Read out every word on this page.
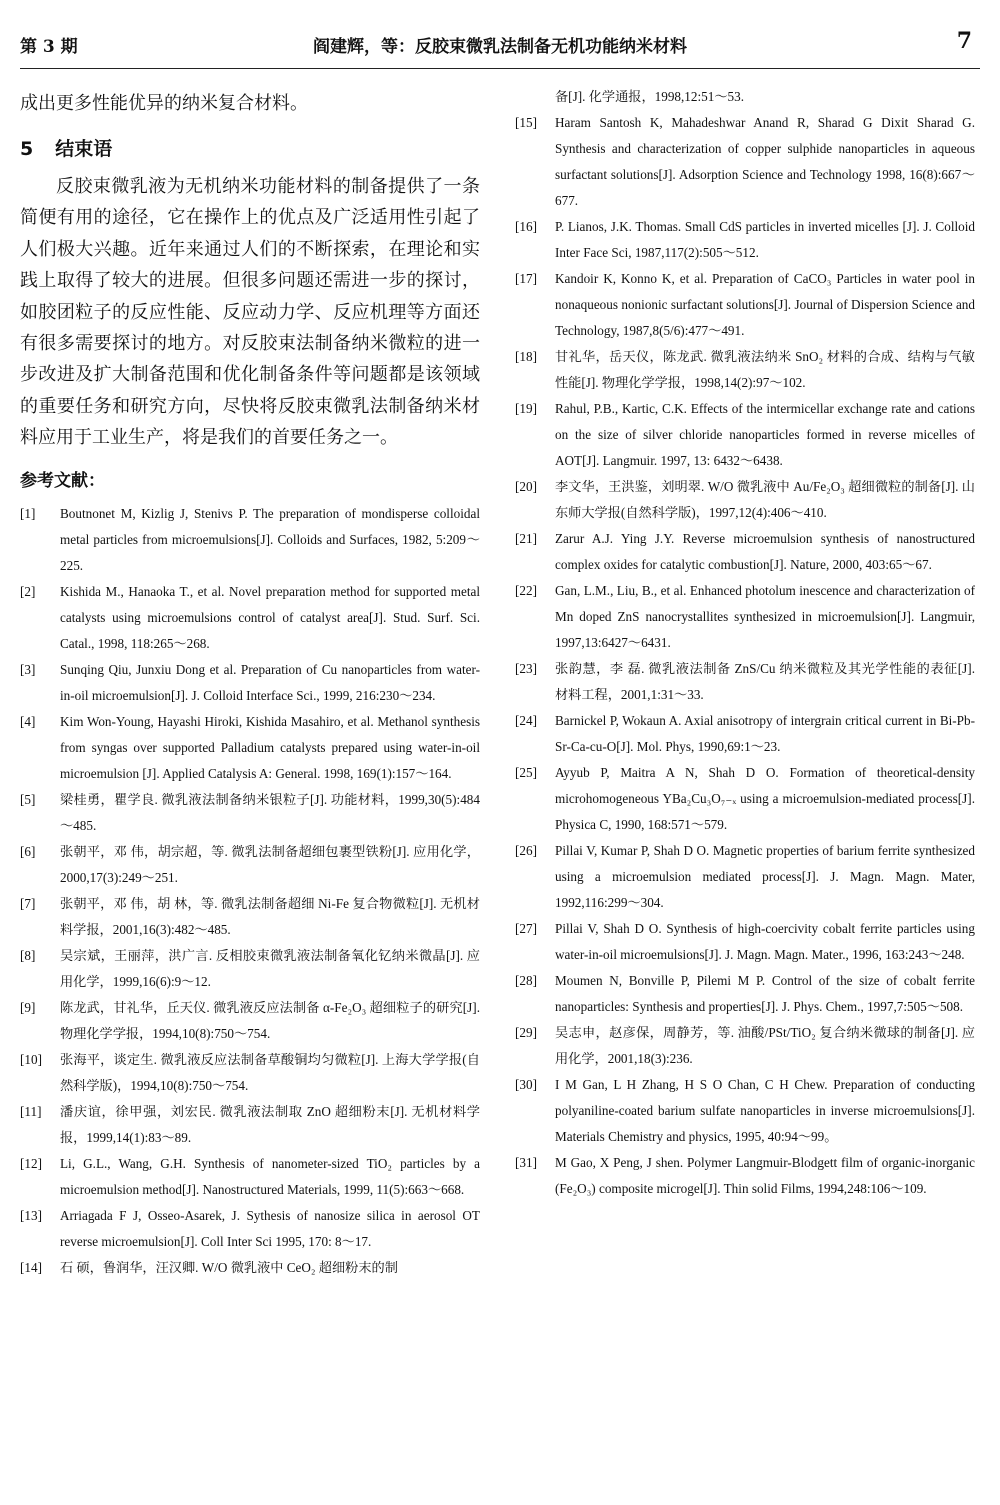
第 3 期	阎建辉，等：反胶束微乳法制备无机功能纳米材料	7
成出更多性能优异的纳米复合材料。
5 结束语

反胶束微乳液为无机纳米功能材料的制备提供了一条简便有用的途径，它在操作上的优点及广泛适用性引起了人们极大兴趣。近年来通过人们的不断探索，在理论和实践上取得了较大的进展。但很多问题还需进一步的探讨，如胶团粒子的反应性能、反应动力学、反应机理等方面还有很多需要探讨的地方。对反胶束法制备纳米微粒的进一步改进及扩大制备范围和优化制备条件等问题都是该领域的重要任务和研究方向，尽快将反胶束微乳法制备纳米材料应用于工业生产，将是我们的首要任务之一。

参考文献：
[1]	Boutnonet M, Kizlig J, Stenivs P. The preparation of mondisperse colloidal metal particles from microemulsions[J]. Colloids and Surfaces, 1982, 5:209～225.
[2]	Kishida M., Hanaoka T., et al. Novel preparation method for supported metal catalysts using microemulsions control of catalyst area[J]. Stud. Surf. Sci. Catal., 1998, 118:265～268.
[3]	Sunqing Qiu, Junxiu Dong et al. Preparation of Cu nanoparticles from water-in-oil microemulsion[J]. J. Colloid Interface Sci., 1999, 216:230～234.
[4]	Kim Won-Young, Hayashi Hiroki, Kishida Masahiro, et al. Methanol synthesis from syngas over supported Palladium catalysts prepared using water-in-oil microemulsion [J]. Applied Catalysis A: General. 1998, 169(1):157～164.
[5]	梁桂勇，瞿学良. 微乳液法制备纳米银粒子[J]. 功能材料，1999,30(5):484～485.
[6]	张朝平，邓 伟，胡宗超，等. 微乳法制备超细包裹型铁粉[J]. 应用化学，2000,17(3):249～251.
[7]	张朝平，邓 伟，胡 林，等. 微乳法制备超细 Ni-Fe 复合物微粒[J]. 无机材料学报，2001,16(3):482～485.
[8]	吴宗斌，王丽萍，洪广言. 反相胶束微乳液法制备氧化钇纳米微晶[J]. 应用化学，1999,16(6):9～12.
[9]	陈龙武，甘礼华，丘天仪. 微乳液反应法制备 α-Fe₂O₃ 超细粒子的研究[J]. 物理化学学报，1994,10(8):750～754.
[10]	张海平，谈定生. 微乳液反应法制备草酸铜均匀微粒[J]. 上海大学学报(自然科学版)，1994,10(8):750～754.
[11]	潘庆谊，徐甲强，刘宏民. 微乳液法制取 ZnO 超细粉末[J]. 无机材料学报，1999,14(1):83～89.
[12]	Li, G.L., Wang, G.H. Synthesis of nanometer-sized TiO₂ particles by a microemulsion method[J]. Nanostructured Materials, 1999, 11(5):663～668.
[13]	Arriagada F J, Osseo-Asarek, J. Sythesis of nanosize silica in aerosol OT reverse microemulsion[J]. Coll Inter Sci 1995, 170: 8～17.
[14]	石 硕，鲁润华，汪汉卿. W/O 微乳液中 CeO₂ 超细粉末的制
备[J]. 化学通报，1998,12:51～53.
[15]	Haram Santosh K, Mahadeshwar Anand R, Sharad G Dixit Sharad G. Synthesis and characterization of copper sulphide nanoparticles in aqueous surfactant solutions[J]. Adsorption Science and Technology 1998, 16(8):667～677.
[16]	P. Lianos, J.K. Thomas. Small CdS particles in inverted micelles [J]. J. Colloid Inter Face Sci, 1987,117(2):505～512.
[17]	Kandoir K, Konno K, et al. Preparation of CaCO₃ Particles in water pool in nonaqueous nonionic surfactant solutions[J]. Journal of Dispersion Science and Technology, 1987,8(5/6):477～491.
[18]	甘礼华，岳天仪，陈龙武. 微乳液法纳米 SnO₂ 材料的合成、结构与气敏性能[J]. 物理化学学报，1998,14(2):97～102.
[19]	Rahul, P.B., Kartic, C.K. Effects of the intermicellar exchange rate and cations on the size of silver chloride nanoparticles formed in reverse micelles of AOT[J]. Langmuir. 1997, 13: 6432～6438.
[20]	李文华，王洪鉴，刘明翠. W/O 微乳液中 Au/Fe₂O₃ 超细微粒的制备[J]. 山东师大学报(自然科学版)，1997,12(4):406～410.
[21]	Zarur A.J. Ying J.Y. Reverse microemulsion synthesis of nanostructured complex oxides for catalytic combustion[J]. Nature, 2000, 403:65～67.
[22]	Gan, L.M., Liu, B., et al. Enhanced photolum inescence and characterization of Mn doped ZnS nanocrystallites synthesized in microemulsion[J]. Langmuir, 1997,13:6427～6431.
[23]	张韵慧，李 磊. 微乳液法制备 ZnS/Cu 纳米微粒及其光学性能的表征[J]. 材料工程，2001,1:31～33.
[24]	Barnickel P, Wokaun A. Axial anisotropy of intergrain critical current in Bi-Pb-Sr-Ca-cu-O[J]. Mol. Phys, 1990,69:1～23.
[25]	Ayyub P, Maitra A N, Shah D O. Formation of theoretical-density microhomogeneous YBa₂Cu₃O₇₋ₓ using a microemulsion-mediated process[J]. Physica C, 1990, 168:571～579.
[26]	Pillai V, Kumar P, Shah D O. Magnetic properties of barium ferrite synthesized using a microemulsion mediated process[J]. J. Magn. Magn. Mater, 1992,116:299～304.
[27]	Pillai V, Shah D O. Synthesis of high-coercivity cobalt ferrite particles using water-in-oil microemulsions[J]. J. Magn. Magn. Mater., 1996, 163:243～248.
[28]	Moumen N, Bonville P, Pilemi M P. Control of the size of cobalt ferrite nanoparticles: Synthesis and properties[J]. J. Phys. Chem., 1997,7:505～508.
[29]	吴志申，赵彦保，周静芳，等. 油酸/PSt/TiO₂ 复合纳米微球的制备[J]. 应用化学，2001,18(3):236.
[30]	I M Gan, L H Zhang, H S O Chan, C H Chew. Preparation of conducting polyaniline-coated barium sulfate nanoparticles in inverse microemulsions[J]. Materials Chemistry and physics, 1995, 40:94～99。
[31]	M Gao, X Peng, J shen. Polymer Langmuir-Blodgett film of organic-inorganic (Fe₂O₃) composite microgel[J]. Thin solid Films, 1994,248:106～109.
